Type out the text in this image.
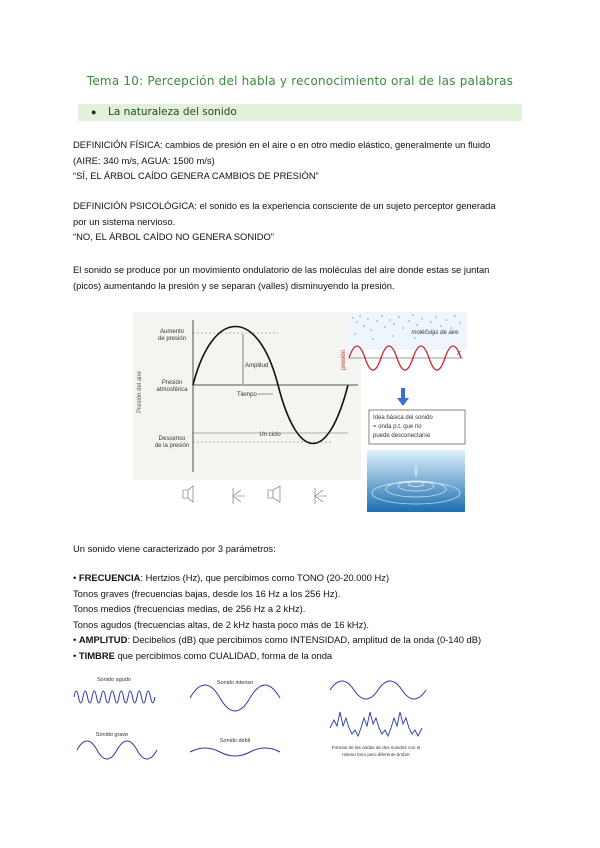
Tema 10: Percepción del habla y reconocimiento oral de las palabras
● La naturaleza del sonido
DEFINICIÓN FÍSICA: cambios de presión en el aire o en otro medio elástico, generalmente un fluido
(AIRE: 340 m/s, AGUA: 1500 m/s)
“SÍ, EL ÁRBOL CAÍDO GENERA CAMBIOS DE PRESIÓN”
DEFINICIÓN PSICOLÓGICA: el sonido es la experiencia consciente de un sujeto perceptor generada
por un sistema nervioso.
“NO, EL ÁRBOL CAÍDO NO GENERA SONIDO”
El sonido se produce por un movimiento ondulatorio de las moléculas del aire donde estas se juntan
(picos) aumentando la presión y se separan (valles) disminuyendo la presión.
Presión del aire
Aumento
de presión
Amplitud
Presión
atmosférica
Tiempo
Descenso
de la presión
Un ciclo
moléculas de aire
presión	x
Idea básica del sonido
= onda p.t. que no
puede desconectarse
Un sonido viene caracterizado por 3 parámetros:
• FRECUENCIA: Hertzios (Hz), que percibimos como TONO (20-20.000 Hz)
Tonos graves (frecuencias bajas, desde los 16 Hz a los 256 Hz).
Tonos medios (frecuencias medias, de 256 Hz a 2 kHz).
Tonos agudos (frecuencias altas, de 2 kHz hasta poco más de 16 kHz).
• AMPLITUD: Decibelios (dB) que percibimos como INTENSIDAD, amplitud de la onda (0-140 dB)
• TIMBRE que percibimos como CUALIDAD, forma de la onda
Sonido agudo
Sonido grave
Sonido intenso
Sonido débil
Formas de las ondas de dos sonidos con el
mismo tono pero diferente timbre
